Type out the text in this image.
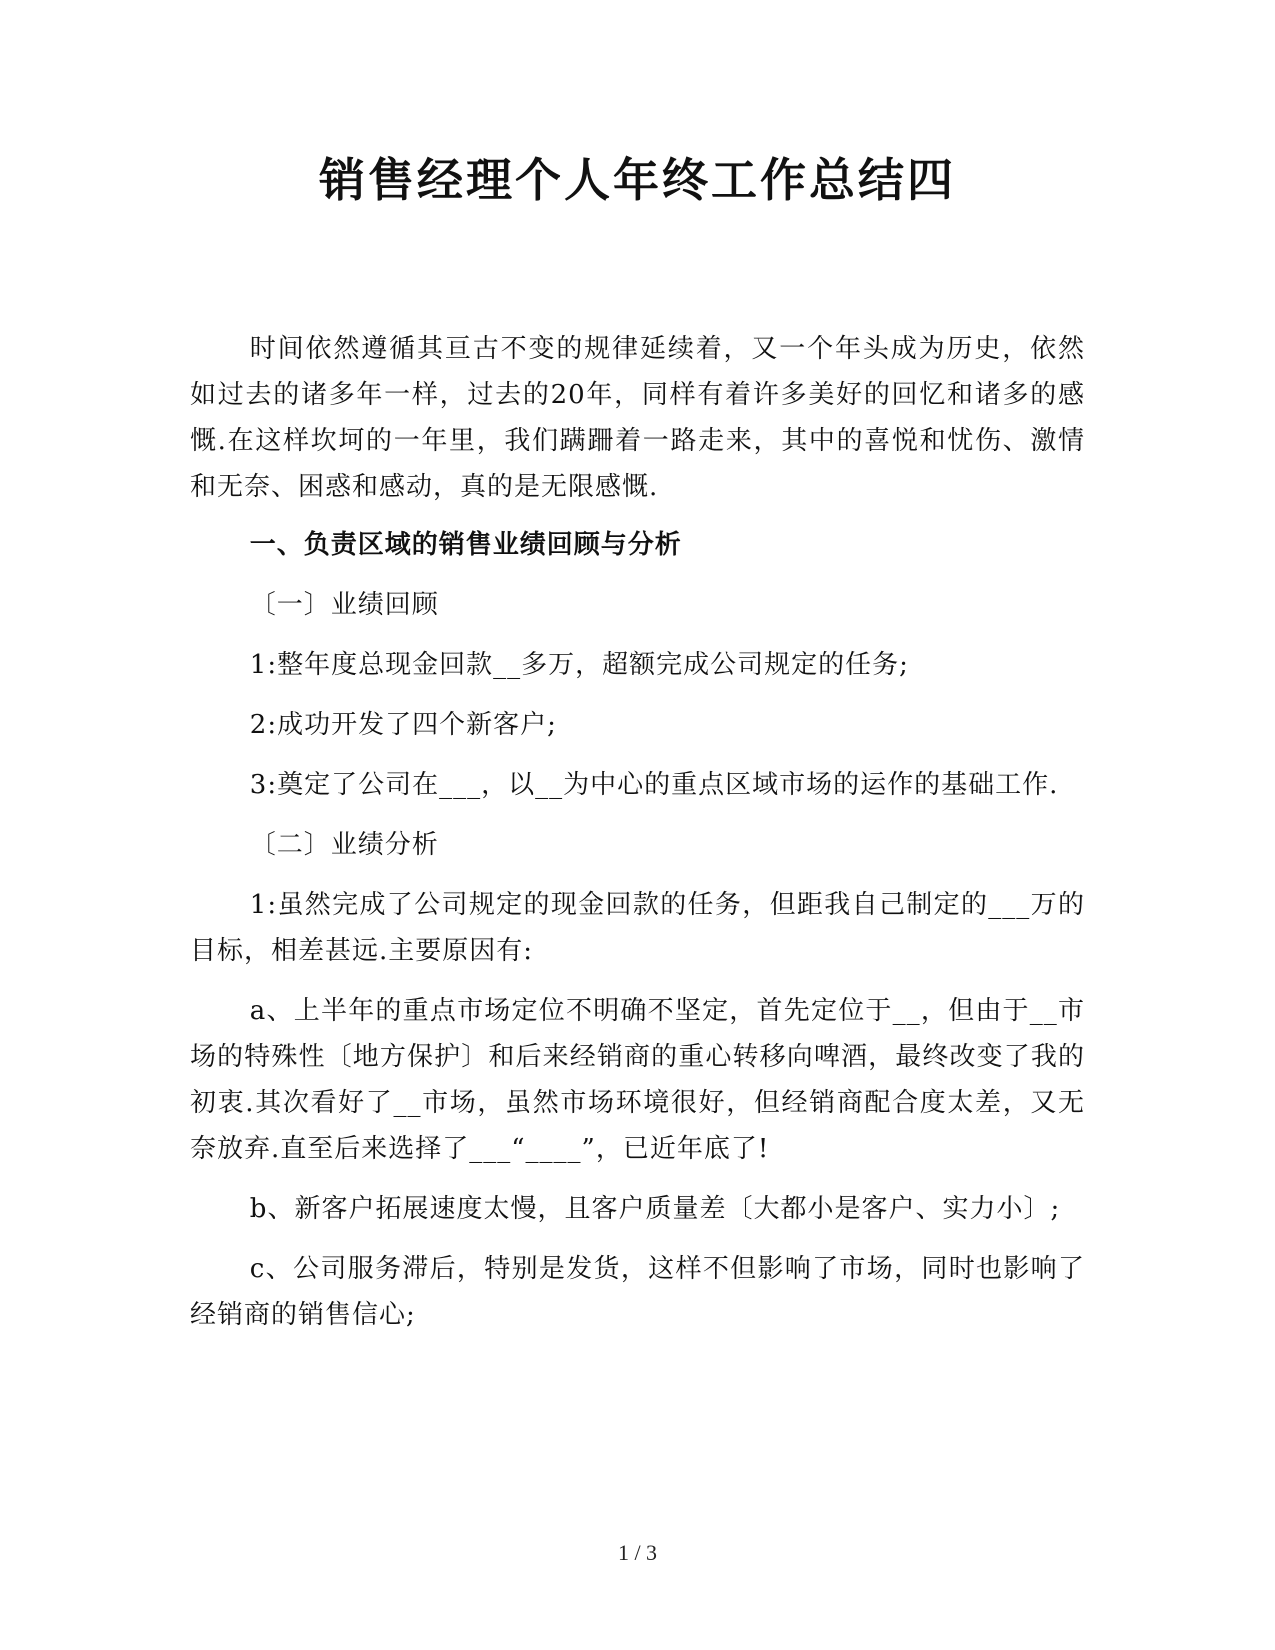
销售经理个人年终工作总结四

时间依然遵循其亘古不变的规律延续着，又一个年头成为历史，依然如过去的诸多年一样，过去的20年，同样有着许多美好的回忆和诸多的感慨.在这样坎坷的一年里，我们蹒跚着一路走来，其中的喜悦和忧伤、激情和无奈、困惑和感动，真的是无限感慨.

一、负责区域的销售业绩回顾与分析

〔一〕业绩回顾

1:整年度总现金回款__多万，超额完成公司规定的任务;

2:成功开发了四个新客户;

3:奠定了公司在___，以__为中心的重点区域市场的运作的基础工作.

〔二〕业绩分析

1:虽然完成了公司规定的现金回款的任务，但距我自己制定的___万的目标，相差甚远.主要原因有:

a、上半年的重点市场定位不明确不坚定，首先定位于__，但由于__市场的特殊性〔地方保护〕和后来经销商的重心转移向啤酒，最终改变了我的初衷.其次看好了__市场，虽然市场环境很好，但经销商配合度太差，又无奈放弃.直至后来选择了___“____”，已近年底了!

b、新客户拓展速度太慢，且客户质量差〔大都小是客户、实力小〕;

c、公司服务滞后，特别是发货，这样不但影响了市场，同时也影响了经销商的销售信心;

1 / 3
